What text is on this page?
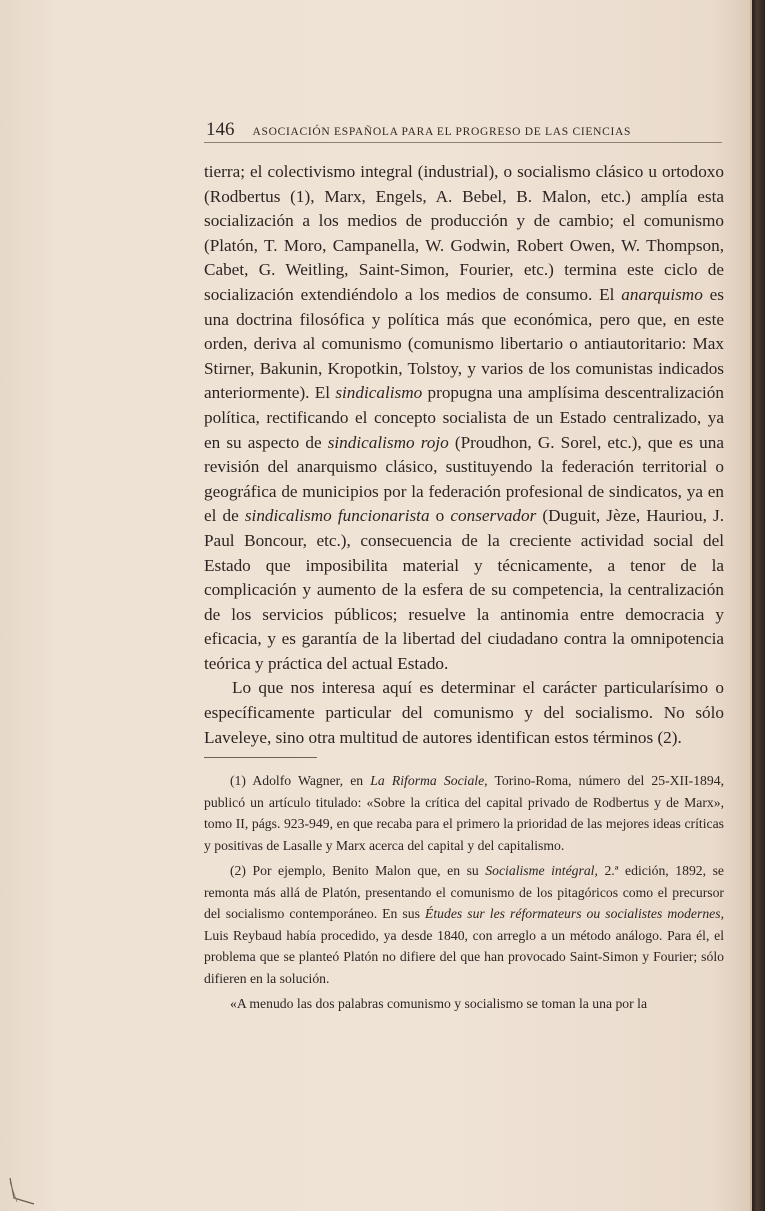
146 ASOCIACIÓN ESPAÑOLA PARA EL PROGRESO DE LAS CIENCIAS

tierra; el colectivismo integral (industrial), o socialismo clásico u ortodoxo (Rodbertus (1), Marx, Engels, A. Bebel, B. Malon, etc.) amplía esta socialización a los medios de producción y de cambio; el comunismo (Platón, T. Moro, Campanella, W. Godwin, Robert Owen, W. Thompson, Cabet, G. Weitling, Saint-Simon, Fourier, etc.) termina este ciclo de socialización extendiéndolo a los medios de consumo. El anarquismo es una doctrina filosófica y política más que económica, pero que, en este orden, deriva al comunismo (comunismo libertario o antiautoritario: Max Stirner, Bakunin, Kropotkin, Tolstoy, y varios de los comunistas indicados anteriormente). El sindicalismo propugna una amplísima descentralización política, rectificando el concepto socialista de un Estado centralizado, ya en su aspecto de sindicalismo rojo (Proudhon, G. Sorel, etc.), que es una revisión del anarquismo clásico, sustituyendo la federación territorial o geográfica de municipios por la federación profesional de sindicatos, ya en el de sindicalismo funcionarista o conservador (Duguit, Jèze, Hauriou, J. Paul Boncour, etc.), consecuencia de la creciente actividad social del Estado que imposibilita material y técnicamente, a tenor de la complicación y aumento de la esfera de su competencia, la centralización de los servicios públicos; resuelve la antinomia entre democracia y eficacia, y es garantía de la libertad del ciudadano contra la omnipotencia teórica y práctica del actual Estado.

Lo que nos interesa aquí es determinar el carácter particularísimo o específicamente particular del comunismo y del socialismo. No sólo Laveleye, sino otra multitud de autores identifican estos términos (2).

(1) Adolfo Wagner, en La Riforma Sociale, Torino-Roma, número del 25-XII-1894, publicó un artículo titulado: «Sobre la crítica del capital privado de Rodbertus y de Marx», tomo II, págs. 923-949, en que recaba para el primero la prioridad de las mejores ideas críticas y positivas de Lasalle y Marx acerca del capital y del capitalismo.

(2) Por ejemplo, Benito Malon que, en su Socialisme intégral, 2.ª edición, 1892, se remonta más allá de Platón, presentando el comunismo de los pitagóricos como el precursor del socialismo contemporáneo. En sus Études sur les réformateurs ou socialistes modernes, Luis Reybaud había procedido, ya desde 1840, con arreglo a un método análogo. Para él, el problema que se planteó Platón no difiere del que han provocado Saint-Simon y Fourier; sólo difieren en la solución.

«A menudo las dos palabras comunismo y socialismo se toman la una por la
